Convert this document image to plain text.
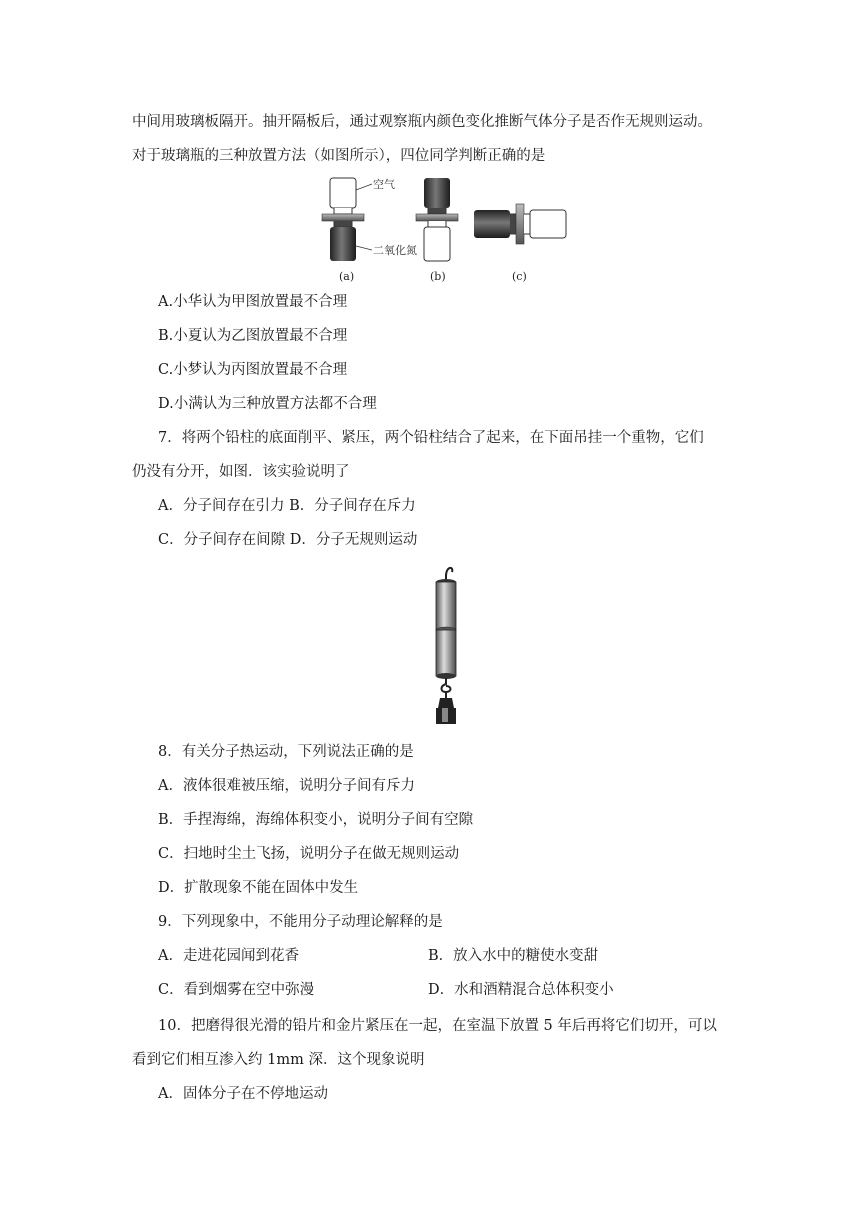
中间用玻璃板隔开。抽开隔板后，通过观察瓶内颜色变化推断气体分子是否作无规则运动。
对于玻璃瓶的三种放置方法（如图所示），四位同学判断正确的是
空气
二氧化氮
(a)	(b)	(c)
A.小华认为甲图放置最不合理
B.小夏认为乙图放置最不合理
C.小梦认为丙图放置最不合理
D.小满认为三种放置方法都不合理
7．将两个铅柱的底面削平、紧压，两个铅柱结合了起来，在下面吊挂一个重物，它们
仍没有分开，如图．该实验说明了
A．分子间存在引力 B．分子间存在斥力
C．分子间存在间隙 D．分子无规则运动
8．有关分子热运动，下列说法正确的是
A．液体很难被压缩，说明分子间有斥力
B．手捏海绵，海绵体积变小，说明分子间有空隙
C．扫地时尘土飞扬，说明分子在做无规则运动
D．扩散现象不能在固体中发生
9．下列现象中，不能用分子动理论解释的是
A．走进花园闻到花香	B．放入水中的糖使水变甜
C．看到烟雾在空中弥漫	D．水和酒精混合总体积变小
10．把磨得很光滑的铅片和金片紧压在一起，在室温下放置 5 年后再将它们切开，可以
看到它们相互渗入约 1mm 深．这个现象说明
A．固体分子在不停地运动
